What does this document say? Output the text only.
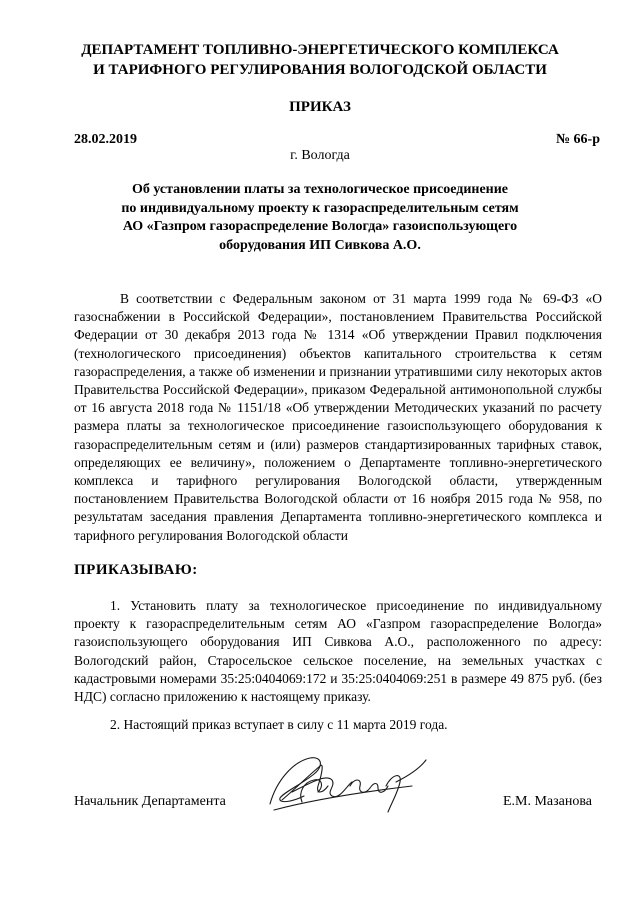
ДЕПАРТАМЕНТ ТОПЛИВНО-ЭНЕРГЕТИЧЕСКОГО КОМПЛЕКСА

И ТАРИФНОГО РЕГУЛИРОВАНИЯ ВОЛОГОДСКОЙ ОБЛАСТИ

ПРИКАЗ

28.02.2019	№ 66-р

г. Вологда

Об установлении платы за технологическое присоединение
по индивидуальному проекту к газораспределительным сетям
АО «Газпром газораспределение Вологда» газоиспользующего
оборудования ИП Сивкова А.О.

В соответствии с Федеральным законом от 31 марта 1999 года № 69-ФЗ «О газоснабжении в Российской Федерации», постановлением Правительства Российской Федерации от 30 декабря 2013 года № 1314 «Об утверждении Правил подключения (технологического присоединения) объектов капитального строительства к сетям газораспределения, а также об изменении и признании утратившими силу некоторых актов Правительства Российской Федерации», приказом Федеральной антимонопольной службы от 16 августа 2018 года № 1151/18 «Об утверждении Методических указаний по расчету размера платы за технологическое присоединение газоиспользующего оборудования к газораспределительным сетям и (или) размеров стандартизированных тарифных ставок, определяющих ее величину», положением о Департаменте топливно-энергетического комплекса и тарифного регулирования Вологодской области, утвержденным постановлением Правительства Вологодской области от 16 ноября 2015 года № 958, по результатам заседания правления Департамента топливно-энергетического комплекса и тарифного регулирования Вологодской области

ПРИКАЗЫВАЮ:

1. Установить плату за технологическое присоединение по индивидуальному проекту к газораспределительным сетям АО «Газпром газораспределение Вологда» газоиспользующего оборудования ИП Сивкова А.О., расположенного по адресу: Вологодский район, Старосельское сельское поселение, на земельных участках с кадастровыми номерами 35:25:0404069:172 и 35:25:0404069:251 в размере 49 875 руб. (без НДС) согласно приложению к настоящему приказу.

2. Настоящий приказ вступает в силу с 11 марта 2019 года.

Начальник Департамента	Е.М. Мазанова
